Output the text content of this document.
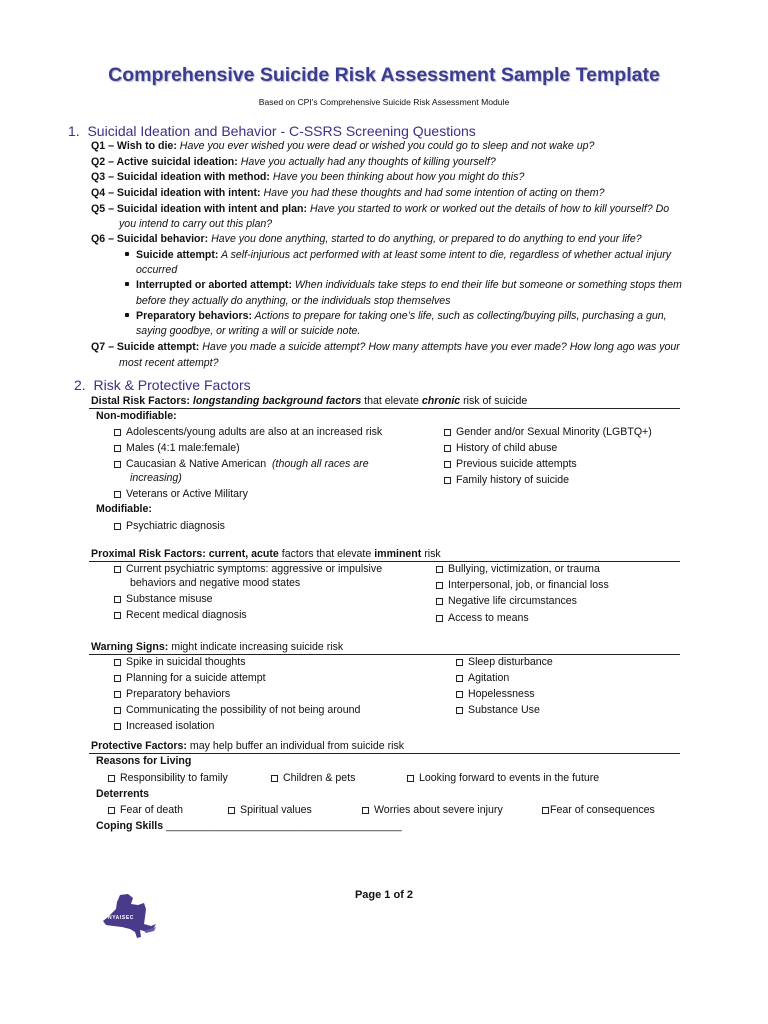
Comprehensive Suicide Risk Assessment Sample Template
Based on CPI's Comprehensive Suicide Risk Assessment Module
1. Suicidal Ideation and Behavior - C-SSRS Screening Questions
Q1 – Wish to die: Have you ever wished you were dead or wished you could go to sleep and not wake up?
Q2 – Active suicidal ideation: Have you actually had any thoughts of killing yourself?
Q3 – Suicidal ideation with method: Have you been thinking about how you might do this?
Q4 – Suicidal ideation with intent: Have you had these thoughts and had some intention of acting on them?
Q5 – Suicidal ideation with intent and plan: Have you started to work or worked out the details of how to kill yourself? Do
you intend to carry out this plan?
Q6 – Suicidal behavior: Have you done anything, started to do anything, or prepared to do anything to end your life?
Suicide attempt: A self-injurious act performed with at least some intent to die, regardless of whether actual injury
occurred
Interrupted or aborted attempt: When individuals take steps to end their life but someone or something stops them
before they actually do anything, or the individuals stop themselves
Preparatory behaviors: Actions to prepare for taking one’s life, such as collecting/buying pills, purchasing a gun,
saying goodbye, or writing a will or suicide note.
Q7 – Suicide attempt: Have you made a suicide attempt? How many attempts have you ever made? How long ago was your
most recent attempt?
2. Risk & Protective Factors
Distal Risk Factors: longstanding background factors that elevate chronic risk of suicide
Non-modifiable:
Adolescents/young adults are also at an increased risk
Males (4:1 male:female)
Caucasian & Native American (though all races are
increasing)
Veterans or Active Military
Gender and/or Sexual Minority (LGBTQ+)
History of child abuse
Previous suicide attempts
Family history of suicide
Modifiable:
Psychiatric diagnosis
Proximal Risk Factors: current, acute factors that elevate imminent risk
Current psychiatric symptoms: aggressive or impulsive
behaviors and negative mood states
Substance misuse
Recent medical diagnosis
Bullying, victimization, or trauma
Interpersonal, job, or financial loss
Negative life circumstances
Access to means
Warning Signs: might indicate increasing suicide risk
Spike in suicidal thoughts
Planning for a suicide attempt
Preparatory behaviors
Communicating the possibility of not being around
Increased isolation
Sleep disturbance
Agitation
Hopelessness
Substance Use
Protective Factors: may help buffer an individual from suicide risk
Reasons for Living
Responsibility to family	Children & pets	Looking forward to events in the future
Deterrents
Fear of death	Spiritual values	Worries about severe injury	Fear of consequences
Coping Skills ________________________________________
Page 1 of 2
NYAISEC
